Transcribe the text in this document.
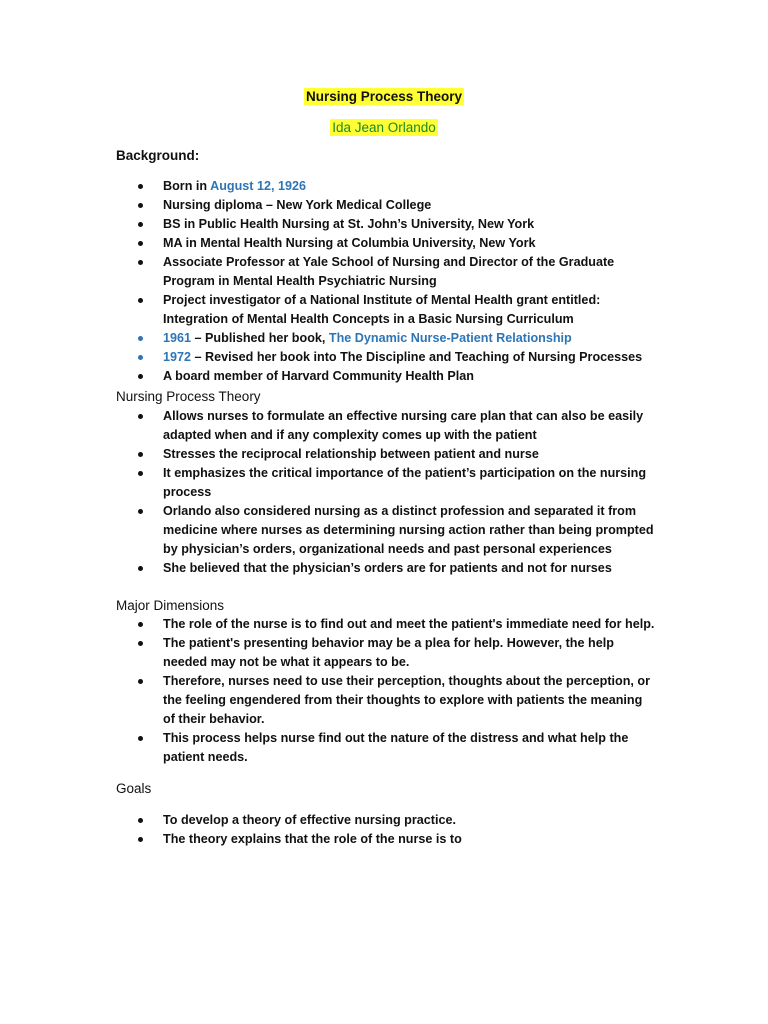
Nursing Process Theory
Ida Jean Orlando
Background:
Born in August 12, 1926
Nursing diploma – New York Medical College
BS in Public Health Nursing at St. John’s University, New York
MA in Mental Health Nursing at Columbia University, New York
Associate Professor at Yale School of Nursing and Director of the Graduate Program in Mental Health Psychiatric Nursing
Project investigator of a National Institute of Mental Health grant entitled: Integration of Mental Health Concepts in a Basic Nursing Curriculum
1961 – Published her book, The Dynamic Nurse-Patient Relationship
1972 – Revised her book into The Discipline and Teaching of Nursing Processes
A board member of Harvard Community Health Plan
Nursing Process Theory
Allows nurses to formulate an effective nursing care plan that can also be easily adapted when and if any complexity comes up with the patient
Stresses the reciprocal relationship between patient and nurse
It emphasizes the critical importance of the patient’s participation on the nursing process
Orlando also considered nursing as a distinct profession and separated it from medicine where nurses as determining nursing action rather than being prompted by physician’s orders, organizational needs and past personal experiences
She believed that the physician’s orders are for patients and not for nurses
Major Dimensions
The role of the nurse is to find out and meet the patient's immediate need for help.
The patient's presenting behavior may be a plea for help. However, the help needed may not be what it appears to be.
Therefore, nurses need to use their perception, thoughts about the perception, or the feeling engendered from their thoughts to explore with patients the meaning of their behavior.
This process helps nurse find out the nature of the distress and what help the patient needs.
Goals
To develop a theory of effective nursing practice.
The theory explains that the role of the nurse is to
